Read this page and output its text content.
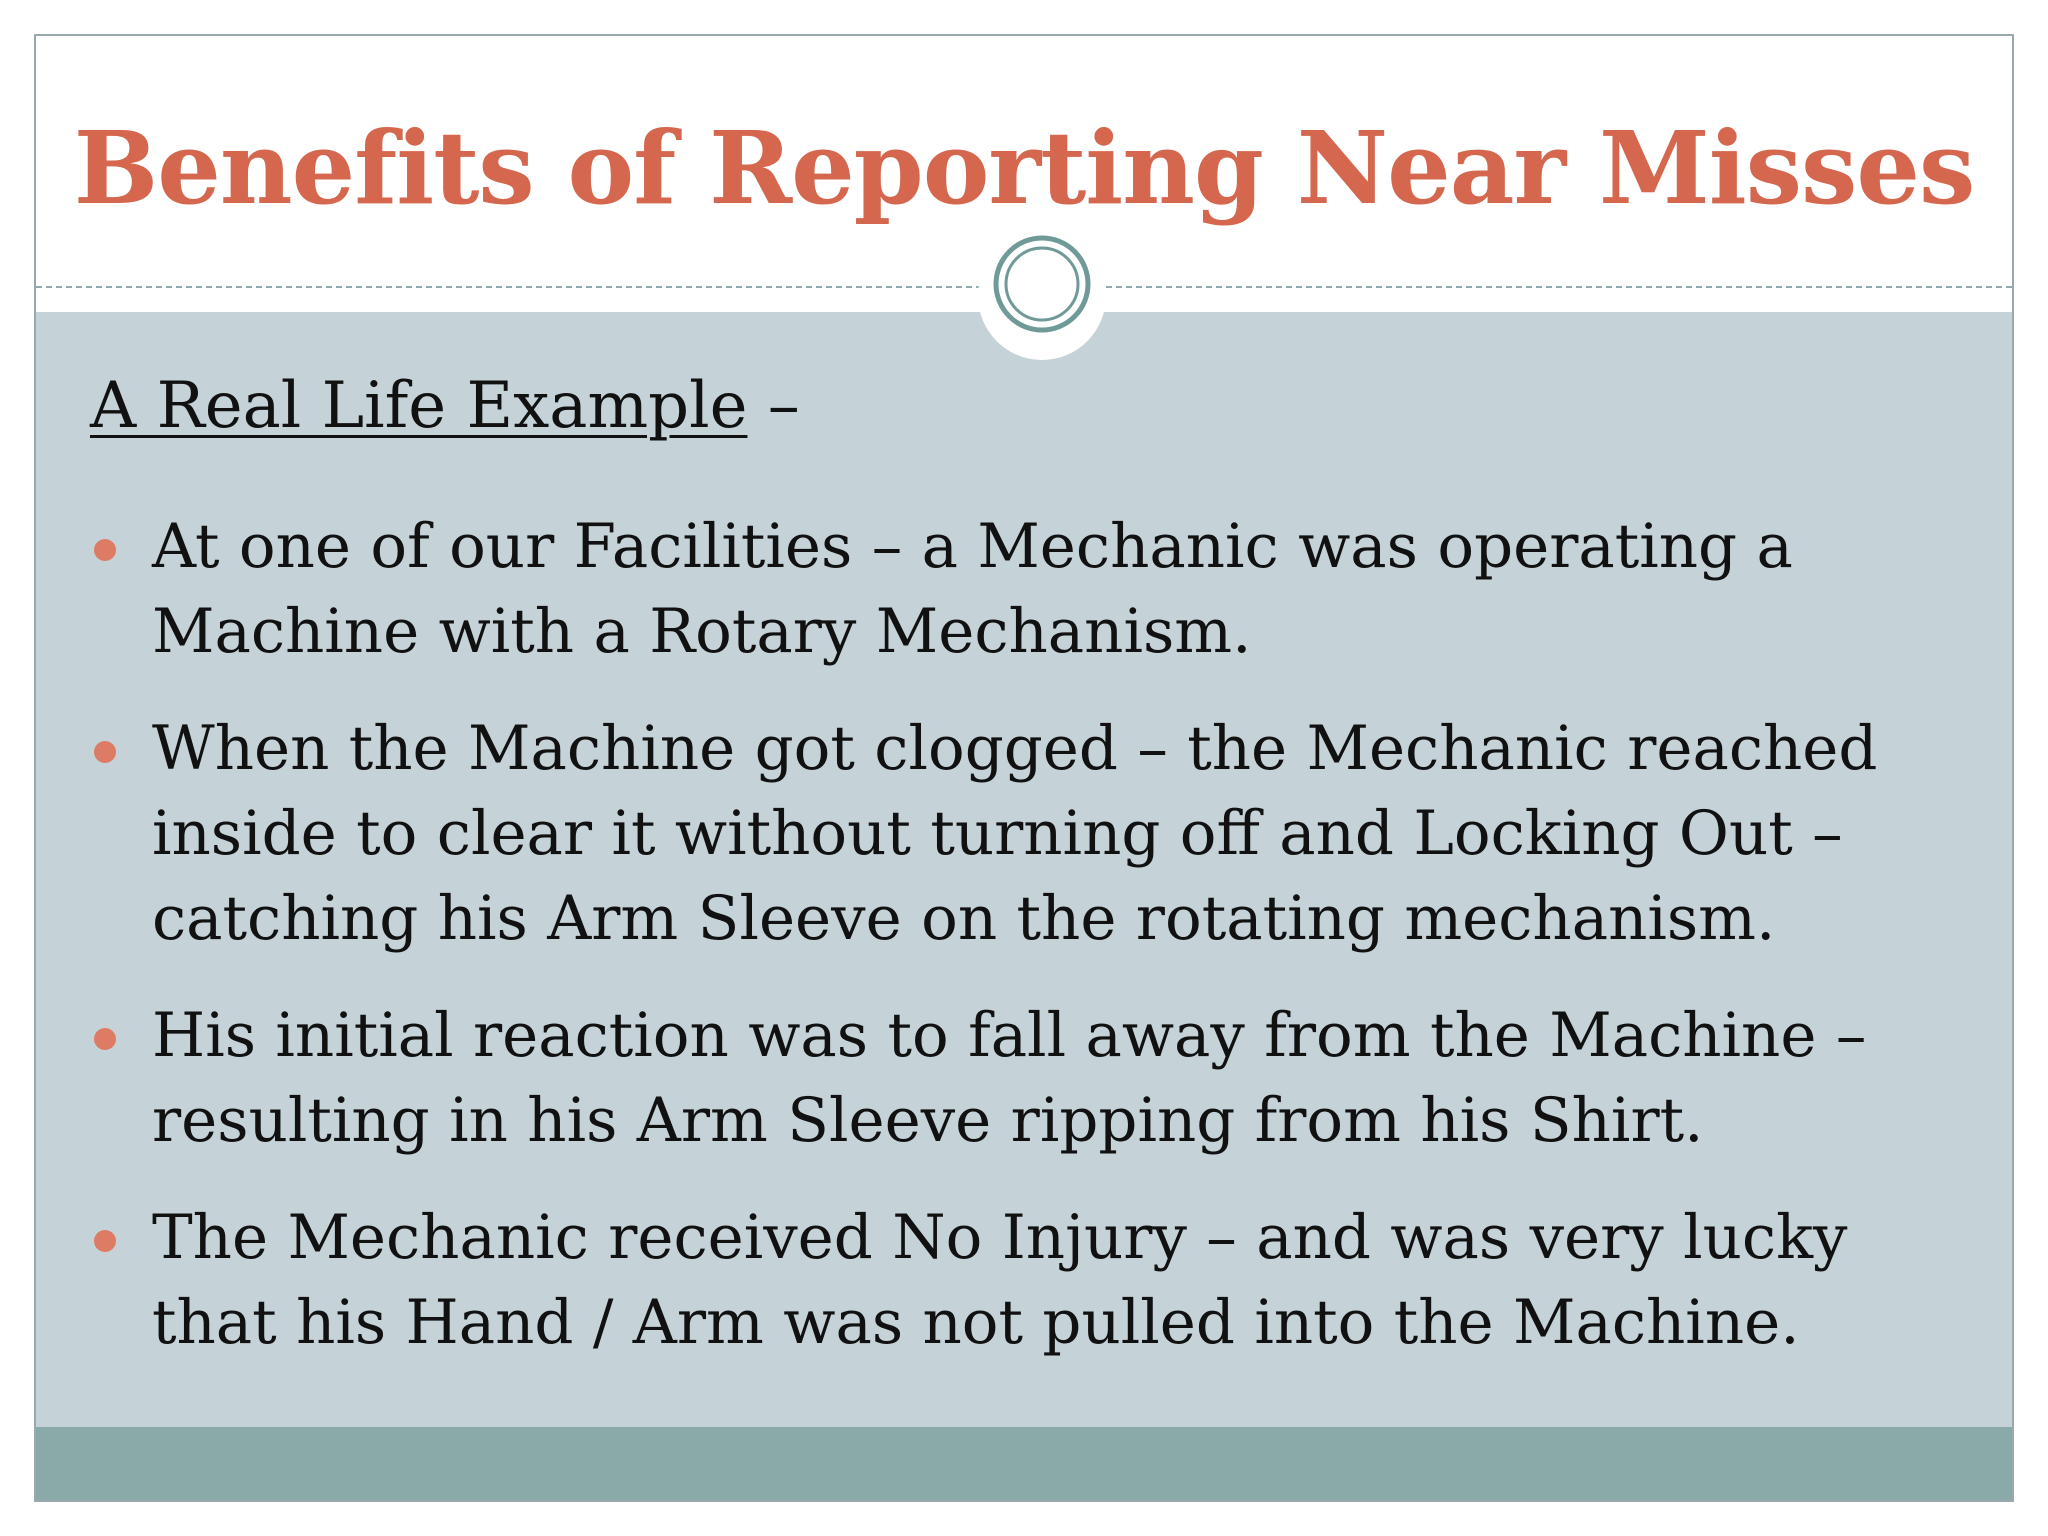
Benefits of Reporting Near Misses
A Real Life Example –
At one of our Facilities – a Mechanic was operating a Machine with a Rotary Mechanism.
When the Machine got clogged – the Mechanic reached inside to clear it without turning off and Locking Out – catching his Arm Sleeve on the rotating mechanism.
His initial reaction was to fall away from the Machine – resulting in his Arm Sleeve ripping from his Shirt.
The Mechanic received No Injury – and was very lucky that his Hand / Arm was not pulled into the Machine.
